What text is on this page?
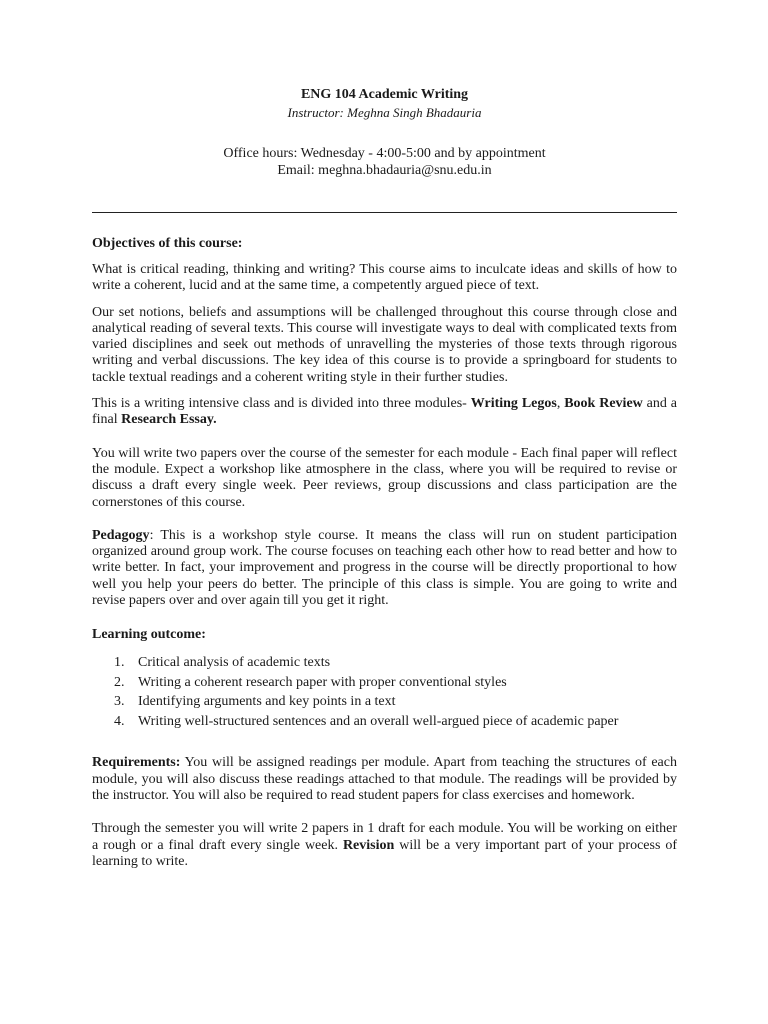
ENG 104 Academic Writing
Instructor: Meghna Singh Bhadauria
Office hours: Wednesday - 4:00-5:00 and by appointment
Email: meghna.bhadauria@snu.edu.in
Objectives of this course:

What is critical reading, thinking and writing? This course aims to inculcate ideas and skills of how to write a coherent, lucid and at the same time, a competently argued piece of text.

Our set notions, beliefs and assumptions will be challenged throughout this course through close and analytical reading of several texts. This course will investigate ways to deal with complicated texts from varied disciplines and seek out methods of unravelling the mysteries of those texts through rigorous writing and verbal discussions. The key idea of this course is to provide a springboard for students to tackle textual readings and a coherent writing style in their further studies.

This is a writing intensive class and is divided into three modules- Writing Legos, Book Review and a final Research Essay.

You will write two papers over the course of the semester for each module - Each final paper will reflect the module. Expect a workshop like atmosphere in the class, where you will be required to revise or discuss a draft every single week. Peer reviews, group discussions and class participation are the cornerstones of this course.

Pedagogy: This is a workshop style course. It means the class will run on student participation organized around group work. The course focuses on teaching each other how to read better and how to write better. In fact, your improvement and progress in the course will be directly proportional to how well you help your peers do better. The principle of this class is simple. You are going to write and revise papers over and over again till you get it right.

Learning outcome:
1. Critical analysis of academic texts
2. Writing a coherent research paper with proper conventional styles
3. Identifying arguments and key points in a text
4. Writing well-structured sentences and an overall well-argued piece of academic paper

Requirements: You will be assigned readings per module. Apart from teaching the structures of each module, you will also discuss these readings attached to that module. The readings will be provided by the instructor. You will also be required to read student papers for class exercises and homework.

Through the semester you will write 2 papers in 1 draft for each module. You will be working on either a rough or a final draft every single week. Revision will be a very important part of your process of learning to write.
